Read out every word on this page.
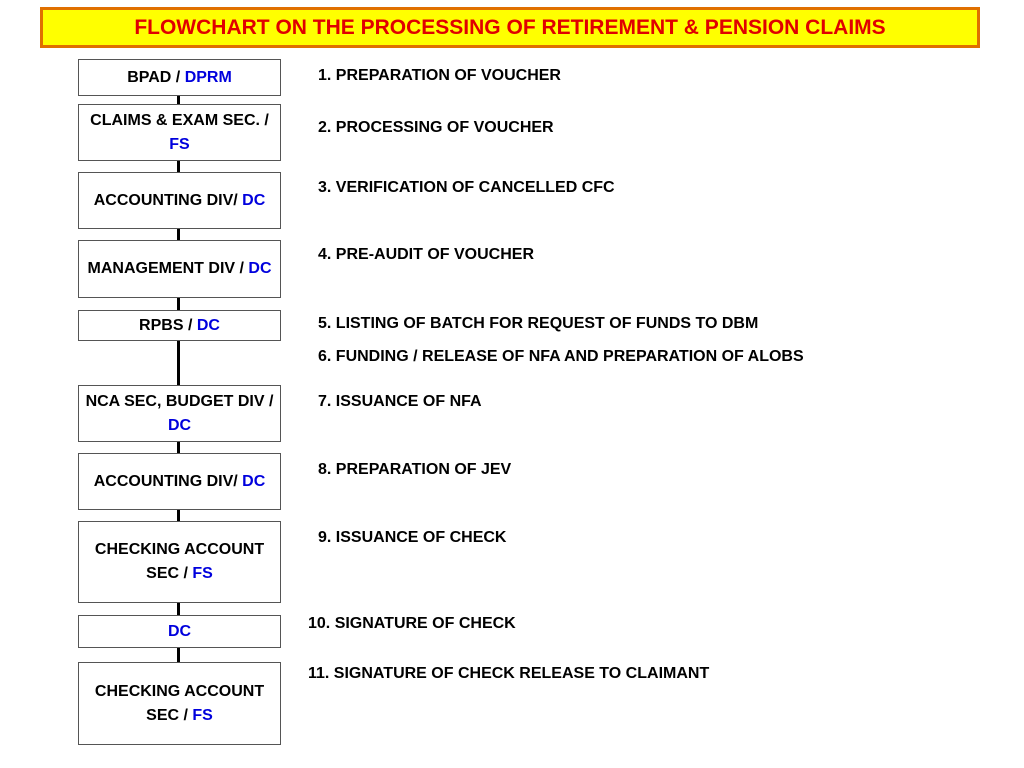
FLOWCHART ON THE PROCESSING OF RETIREMENT & PENSION CLAIMS
BPAD / DPRM
CLAIMS & EXAM SEC. / FS
ACCOUNTING DIV/ DC
MANAGEMENT DIV / DC
RPBS / DC
NCA SEC, BUDGET DIV / DC
ACCOUNTING DIV/ DC
CHECKING ACCOUNT SEC / FS
DC
CHECKING ACCOUNT SEC / FS
1. PREPARATION OF VOUCHER
2. PROCESSING OF VOUCHER
3. VERIFICATION OF CANCELLED CFC
4. PRE-AUDIT OF VOUCHER
5. LISTING OF BATCH FOR REQUEST OF FUNDS TO DBM
6. FUNDING / RELEASE OF NFA AND PREPARATION OF ALOBS
7. ISSUANCE OF NFA
8. PREPARATION OF JEV
9. ISSUANCE OF CHECK
10. SIGNATURE OF CHECK
11. SIGNATURE OF CHECK RELEASE TO CLAIMANT
